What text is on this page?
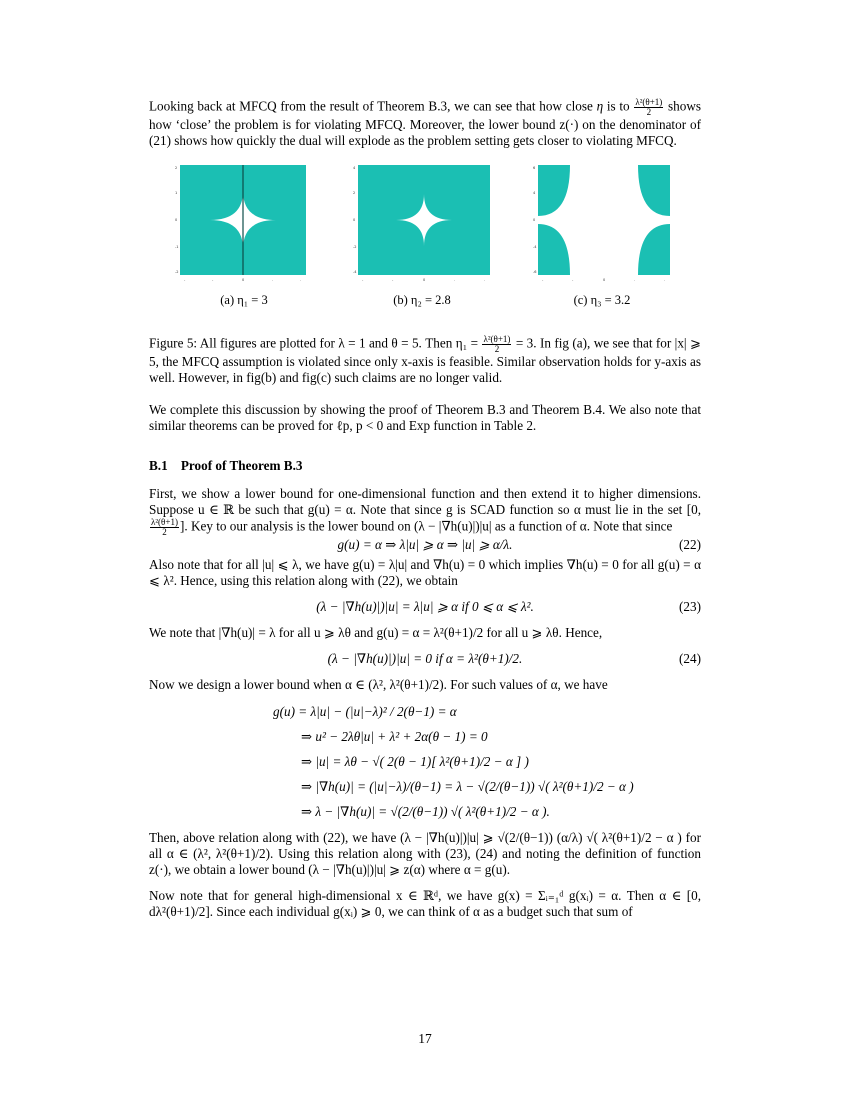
Looking back at MFCQ from the result of Theorem B.3, we can see that how close η is to $\frac{\text{λ²(θ+1)}}{2}$ shows how ‘close’ the problem is for violating MFCQ. Moreover, the lower bound z(·) on the denominator of (21) shows how quickly the dual will explode as the problem setting gets closer to violating MFCQ.

2
1
0
-1
-2
-	-	0	.	.
(a) η₁ = 3
4
2
0
-2
-4
-	-	0	.	.
(b) η₂ = 2.8
6
4
0
-4
-6
-	-	0	.	.
(c) η₃ = 3.2

Figure 5: All figures are plotted for λ = 1 and θ = 5. Then $\eta_1 = \frac{\text{λ²(θ+1)}}{2} = 3$. In fig (a), we see that for |x| ⩾ 5, the MFCQ assumption is violated since only x-axis is feasible. Similar observation holds for y-axis as well. However, in fig(b) and fig(c) such claims are no longer valid.

We complete this discussion by showing the proof of Theorem B.3 and Theorem B.4. We also note that similar theorems can be proved for ℓp, p < 0 and Exp function in Table 2.

B.1 Proof of Theorem B.3

First, we show a lower bound for one-dimensional function and then extend it to higher dimensions. Suppose u ∈ ℝ be such that g(u) = α. Note that since g is SCAD function so α must lie in the set [0,
$\frac{\text{λ²(θ+1)}}{2}$ ]. Key to our analysis is the lower bound on (λ − |∇h(u)|)|u| as a function of α. Note that since

g(u) = α ⇒ λ|u| ⩾ α ⇒ |u| ⩾ α/λ.	(22)

Also note that for all |u| ⩽ λ, we have g(u) = λ|u| and ∇h(u) = 0 which implies ∇h(u) = 0 for all g(u) = α ⩽ λ². Hence, using this relation along with (22), we obtain

(λ − |∇h(u)|)|u| = λ|u| ⩾ α if 0 ⩽ α ⩽ λ².	(23)

We note that |∇h(u)| = λ for all u ⩾ λθ and g(u) = α = λ²(θ+1)/2 for all u ⩾ λθ. Hence,

(λ − |∇h(u)|)|u| = 0 if α = λ²(θ+1)/2.	(24)

Now we design a lower bound when α ∈ (λ², λ²(θ+1)/2). For such values of α, we have

g(u) = λ|u| − (|u|−λ)² / 2(θ−1) = α
⇒ u² − 2λθ|u| + λ² + 2α(θ − 1) = 0
⇒ |u| = λθ − √( 2(θ − 1)[ λ²(θ+1)/2 − α ] )
⇒ |∇h(u)| = (|u|−λ)/(θ−1) = λ − √(2/(θ−1)) √( λ²(θ+1)/2 − α )
⇒ λ − |∇h(u)| = √(2/(θ−1)) √( λ²(θ+1)/2 − α ).

Then, above relation along with (22), we have (λ − |∇h(u)|)|u| ⩾ √(2/(θ−1)) (α/λ) √( λ²(θ+1)/2 − α ) for all α ∈ (λ², λ²(θ+1)/2). Using this relation along with (23), (24) and noting the definition of function z(·), we obtain a lower bound (λ − |∇h(u)|)|u| ⩾ z(α) where α = g(u).

Now note that for general high-dimensional x ∈ ℝᵈ, we have g(x) = Σᵢ₌₁ᵈ g(xᵢ) = α. Then α ∈ [0, dλ²(θ+1)/2]. Since each individual g(xᵢ) ⩾ 0, we can think of α as a budget such that sum of

17
